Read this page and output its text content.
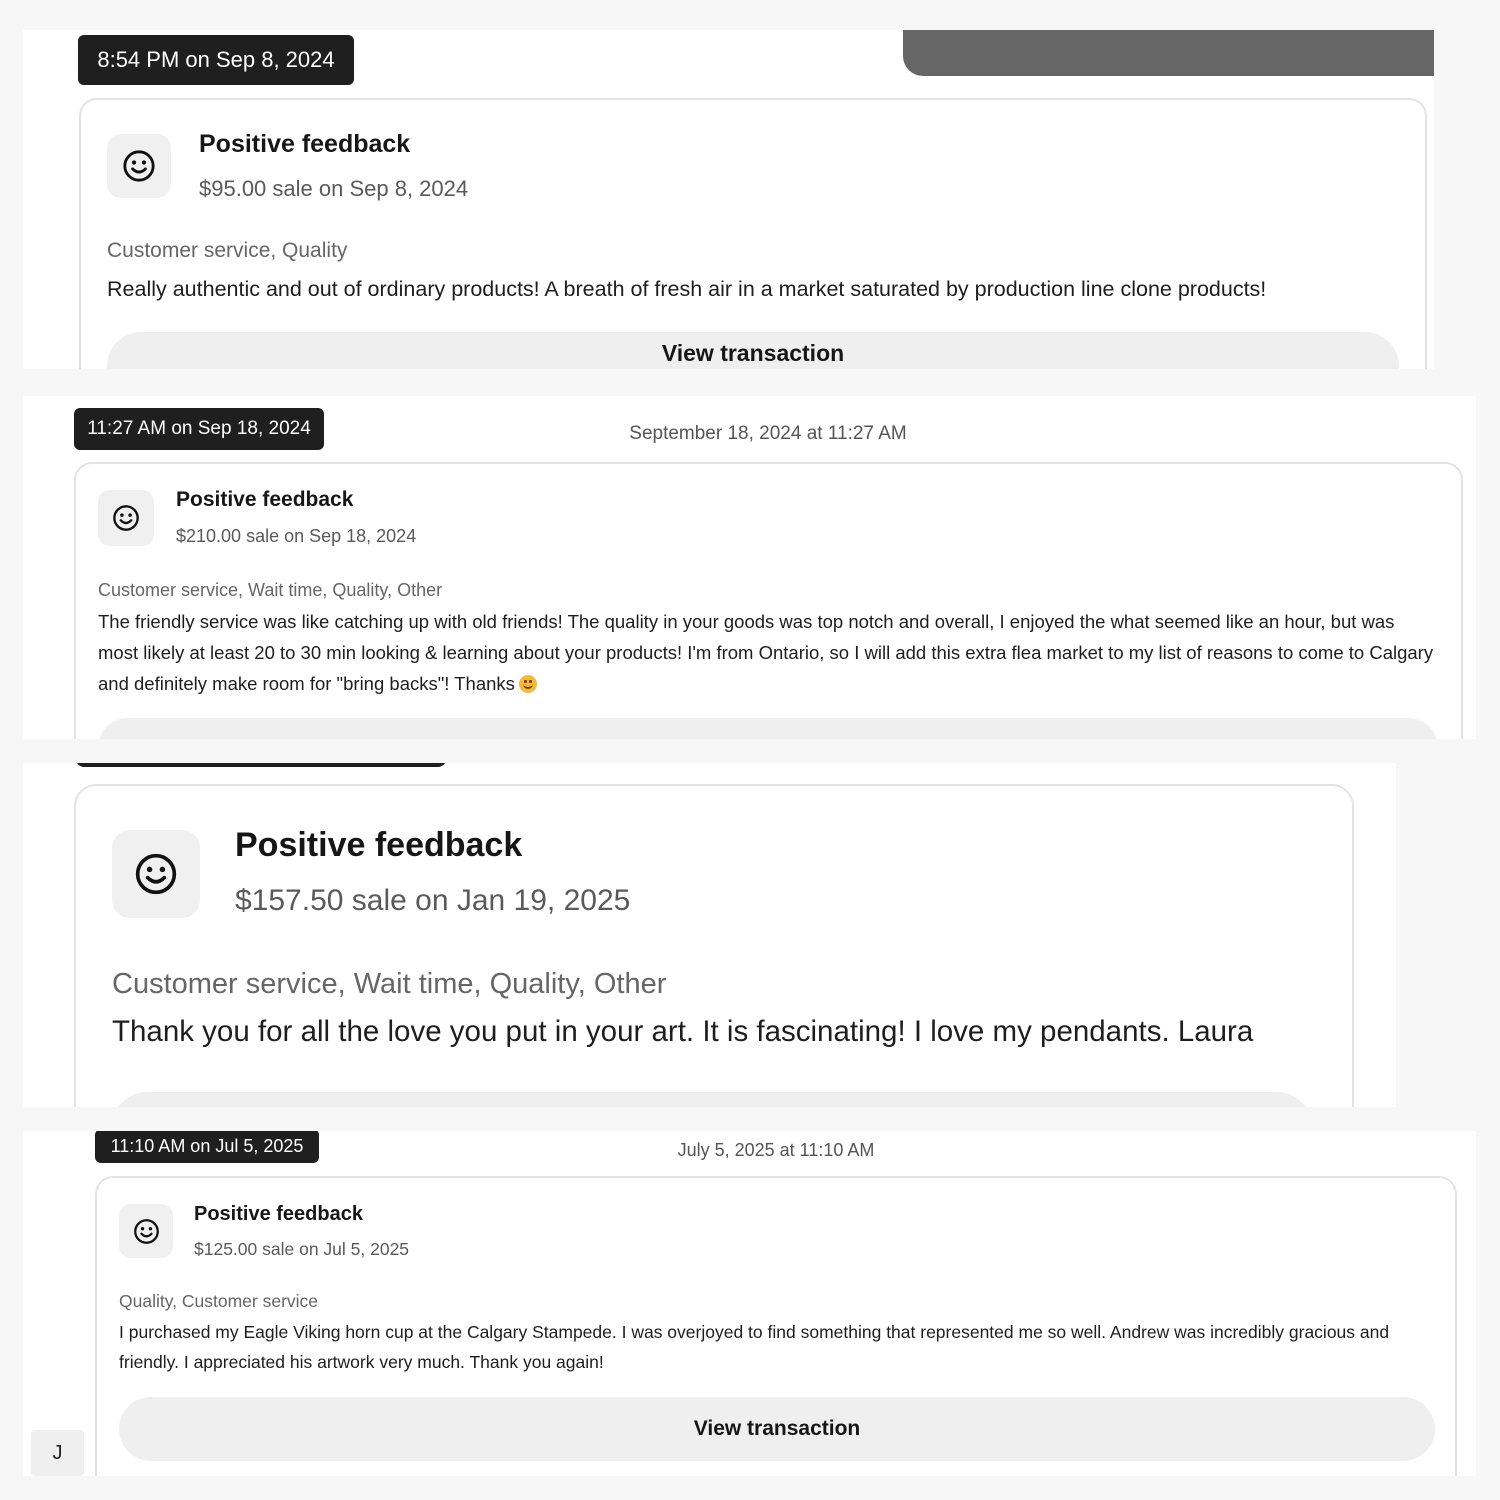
8:54 PM on Sep 8, 2024
Positive feedback
$95.00 sale on Sep 8, 2024
Customer service, Quality
Really authentic and out of ordinary products! A breath of fresh air in a market saturated by production line clone products!
View transaction
11:27 AM on Sep 18, 2024	September 18, 2024 at 11:27 AM
Positive feedback
$210.00 sale on Sep 18, 2024
Customer service, Wait time, Quality, Other
The friendly service was like catching up with old friends! The quality in your goods was top notch and overall, I enjoyed the what seemed like an hour, but was most likely at least 20 to 30 min looking & learning about your products! I'm from Ontario, so I will add this extra flea market to my list of reasons to come to Calgary and definitely make room for "bring backs"! Thanks
Positive feedback
$157.50 sale on Jan 19, 2025
Customer service, Wait time, Quality, Other
Thank you for all the love you put in your art. It is fascinating! I love my pendants. Laura
11:10 AM on Jul 5, 2025	July 5, 2025 at 11:10 AM
Positive feedback
$125.00 sale on Jul 5, 2025
Quality, Customer service
I purchased my Eagle Viking horn cup at the Calgary Stampede. I was overjoyed to find something that represented me so well. Andrew was incredibly gracious and friendly. I appreciated his artwork very much. Thank you again!
View transaction
J
